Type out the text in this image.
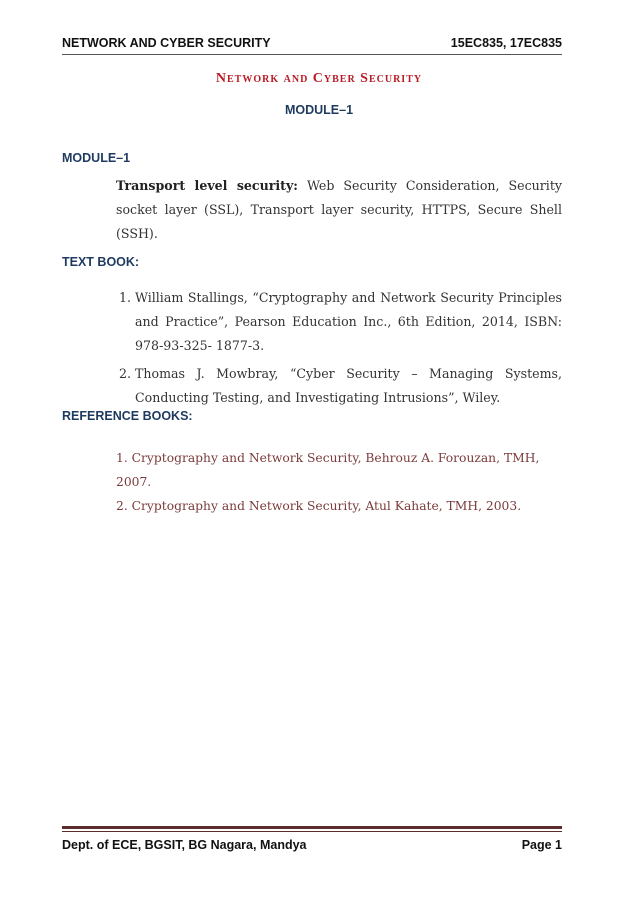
NETWORK AND CYBER SECURITY	15EC835, 17EC835
Network and Cyber Security
MODULE–1
MODULE–1
Transport level security: Web Security Consideration, Security socket layer (SSL), Transport layer security, HTTPS, Secure Shell (SSH).
TEXT BOOK:
1. William Stallings, “Cryptography and Network Security Principles and Practice”, Pearson Education Inc., 6th Edition, 2014, ISBN: 978-93-325- 1877-3.
2. Thomas J. Mowbray, “Cyber Security – Managing Systems, Conducting Testing, and Investigating Intrusions”, Wiley.
REFERENCE BOOKS:
1. Cryptography and Network Security, Behrouz A. Forouzan, TMH, 2007.
2. Cryptography and Network Security, Atul Kahate, TMH, 2003.
Dept. of ECE, BGSIT, BG Nagara, Mandya	Page 1
